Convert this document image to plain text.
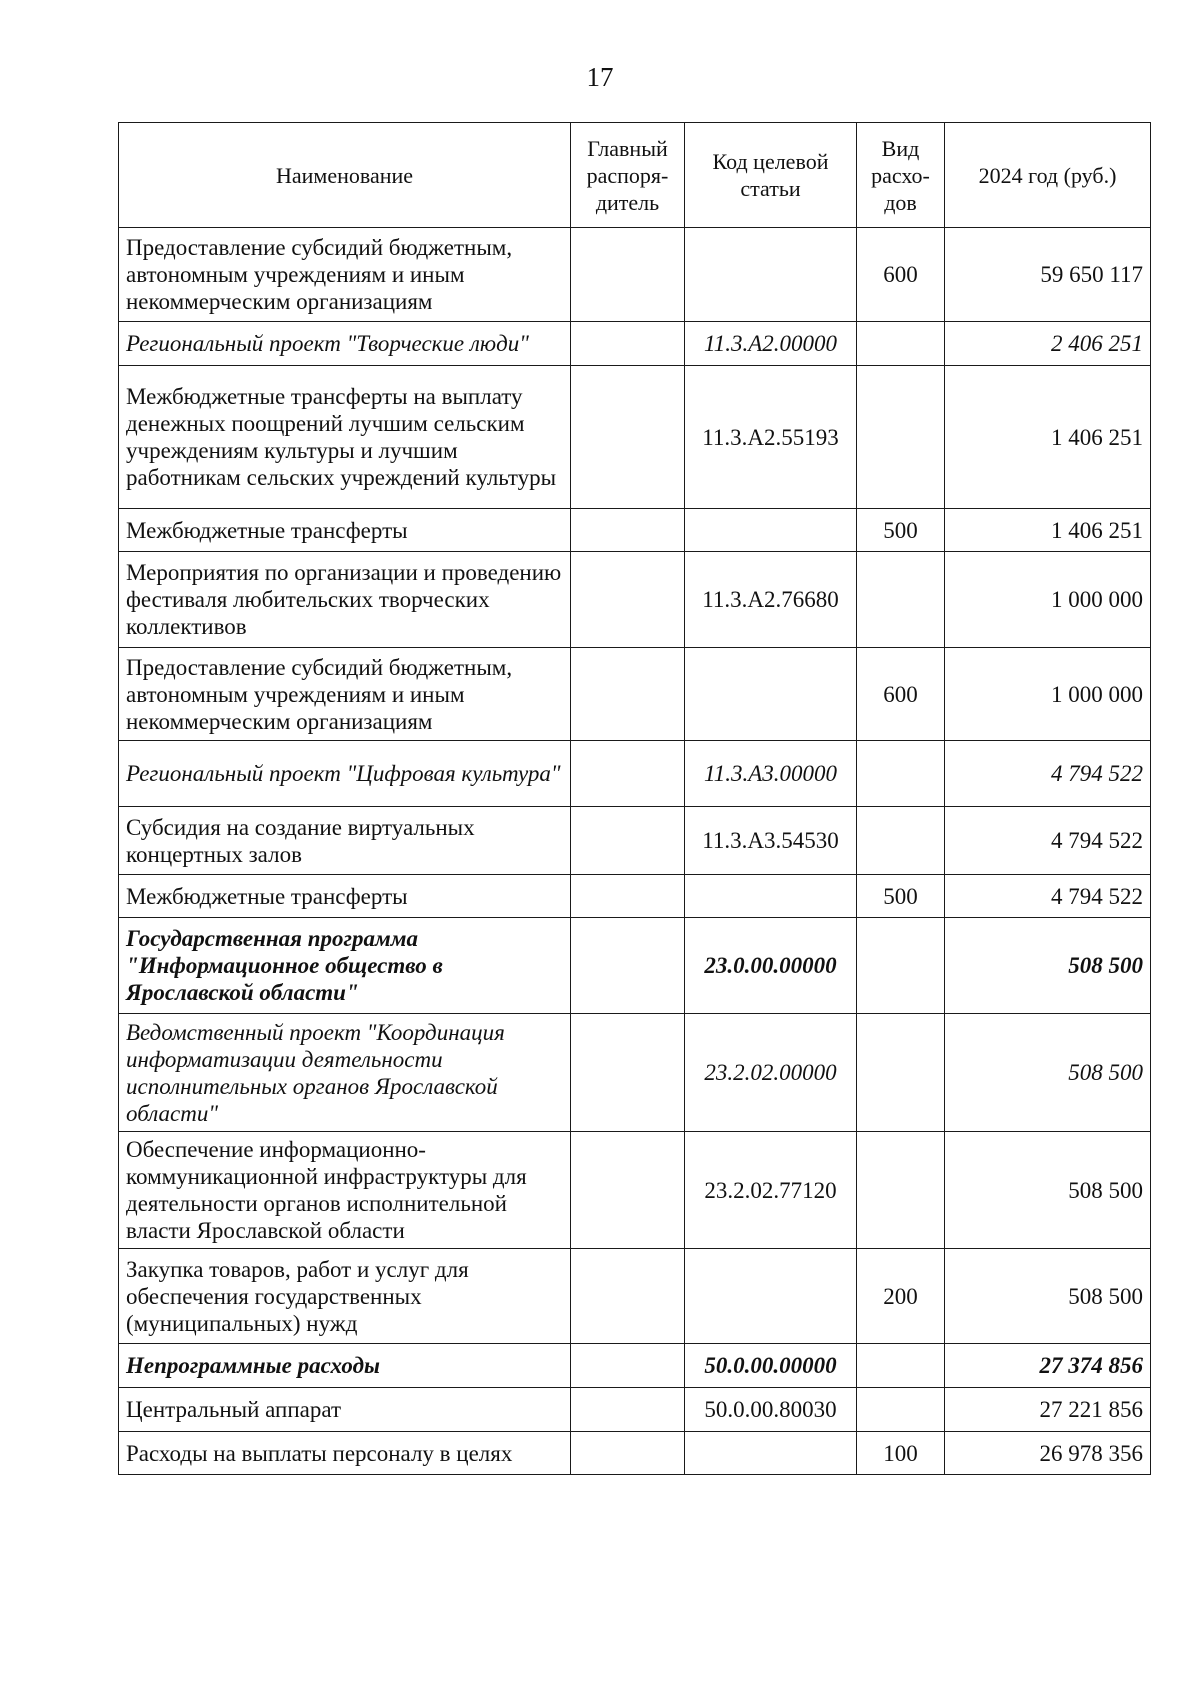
17
Наименование	Главный распоря-дитель	Код целевой статьи	Вид расхо-дов	2024 год (руб.)
Предоставление субсидий бюджетным, автономным учреждениям и иным некоммерческим организациям			600	59 650 117
Региональный проект "Творческие люди"		11.3.А2.00000		2 406 251
Межбюджетные трансферты на выплату денежных поощрений лучшим сельским учреждениям культуры и лучшим работникам сельских учреждений культуры		11.3.А2.55193		1 406 251
Межбюджетные трансферты			500	1 406 251
Мероприятия по организации и проведению фестиваля любительских творческих коллективов		11.3.А2.76680		1 000 000
Предоставление субсидий бюджетным, автономным учреждениям и иным некоммерческим организациям			600	1 000 000
Региональный проект "Цифровая культура"		11.3.А3.00000		4 794 522
Субсидия на создание виртуальных концертных залов		11.3.А3.54530		4 794 522
Межбюджетные трансферты			500	4 794 522
Государственная программа "Информационное общество в Ярославской области"		23.0.00.00000		508 500
Ведомственный проект "Координация информатизации деятельности исполнительных органов Ярославской области"		23.2.02.00000		508 500
Обеспечение информационно-коммуникационной инфраструктуры для деятельности органов исполнительной власти Ярославской области		23.2.02.77120		508 500
Закупка товаров, работ и услуг для обеспечения государственных (муниципальных) нужд			200	508 500
Непрограммные расходы		50.0.00.00000		27 374 856
Центральный аппарат		50.0.00.80030		27 221 856
Расходы на выплаты персоналу в целях			100	26 978 356
